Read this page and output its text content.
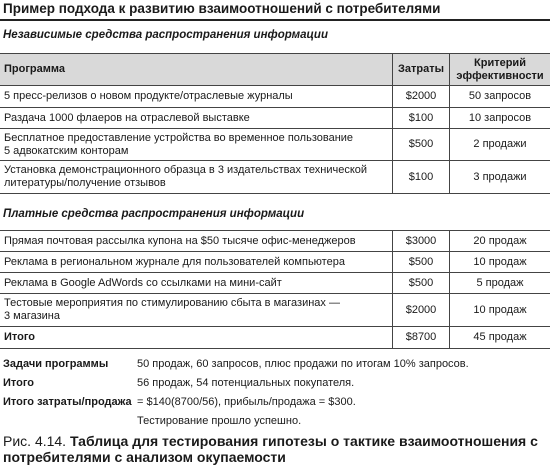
Пример подхода к развитию взаимоотношений с потребителями
Независимые средства распространения информации
Программа	Затраты	Критерий эффективности
5 пресс-релизов о новом продукте/отраслевые журналы	$2000	50 запросов
Раздача 1000 флаеров на отраслевой выставке	$100	10 запросов
Бесплатное предоставление устройства во временное пользование
5 адвокатским конторам	$500	2 продажи
Установка демонстрационного образца в 3 издательствах технической литературы/получение отзывов	$100	3 продажи
Платные средства распространения информации
Прямая почтовая рассылка купона на $50 тысяче офис-менеджеров	$3000	20 продаж
Реклама в региональном журнале для пользователей компьютера	$500	10 продаж
Реклама в Google AdWords со ссылками на мини-сайт	$500	5 продаж
Тестовые мероприятия по стимулированию сбыта в магазинах —
3 магазина	$2000	10 продаж
Итого	$8700	45 продаж
Задачи программы	50 продаж, 60 запросов, плюс продажи по итогам 10% запросов.
Итого	56 продаж, 54 потенциальных покупателя.
Итого затраты/продажа = $140(8700/56), прибыль/продажа = $300.
Тестирование прошло успешно.
Рис. 4.14. Таблица для тестирования гипотезы о тактике взаимоотношения с потребителями с анализом окупаемости
